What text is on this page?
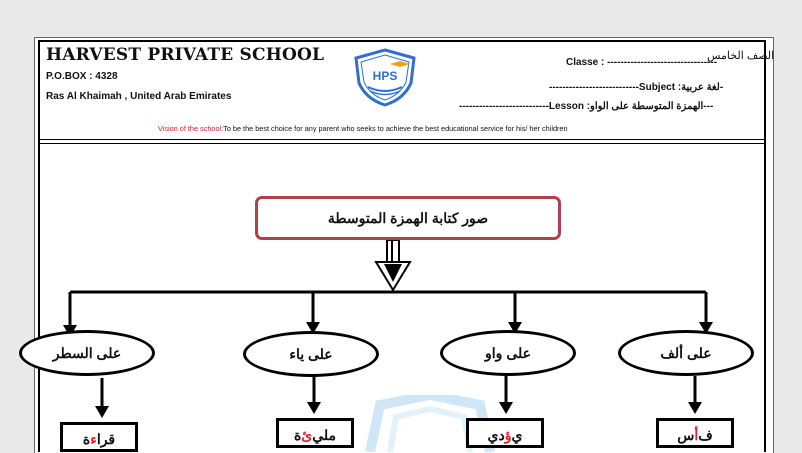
HARVEST PRIVATE SCHOOL
P.O.BOX : 4328
Ras Al Khaimah , United Arab Emirates
HPS
Classe : ---------------------------------
الصف الخامس
---------------------------Subject :لغة عربية-
---------------------------Lesson :الهمزة المتوسطة على الواو---
Vision of the school:To be the best choice for any parent who seeks to achieve the best educational service for his/ her children
صور كتابة الهمزة المتوسطة
على السطر	على ياء	على واو	على ألف
قرا
ء
ة	ملي
ئ
ة	ي
ؤ
دي	ف
أ
س
